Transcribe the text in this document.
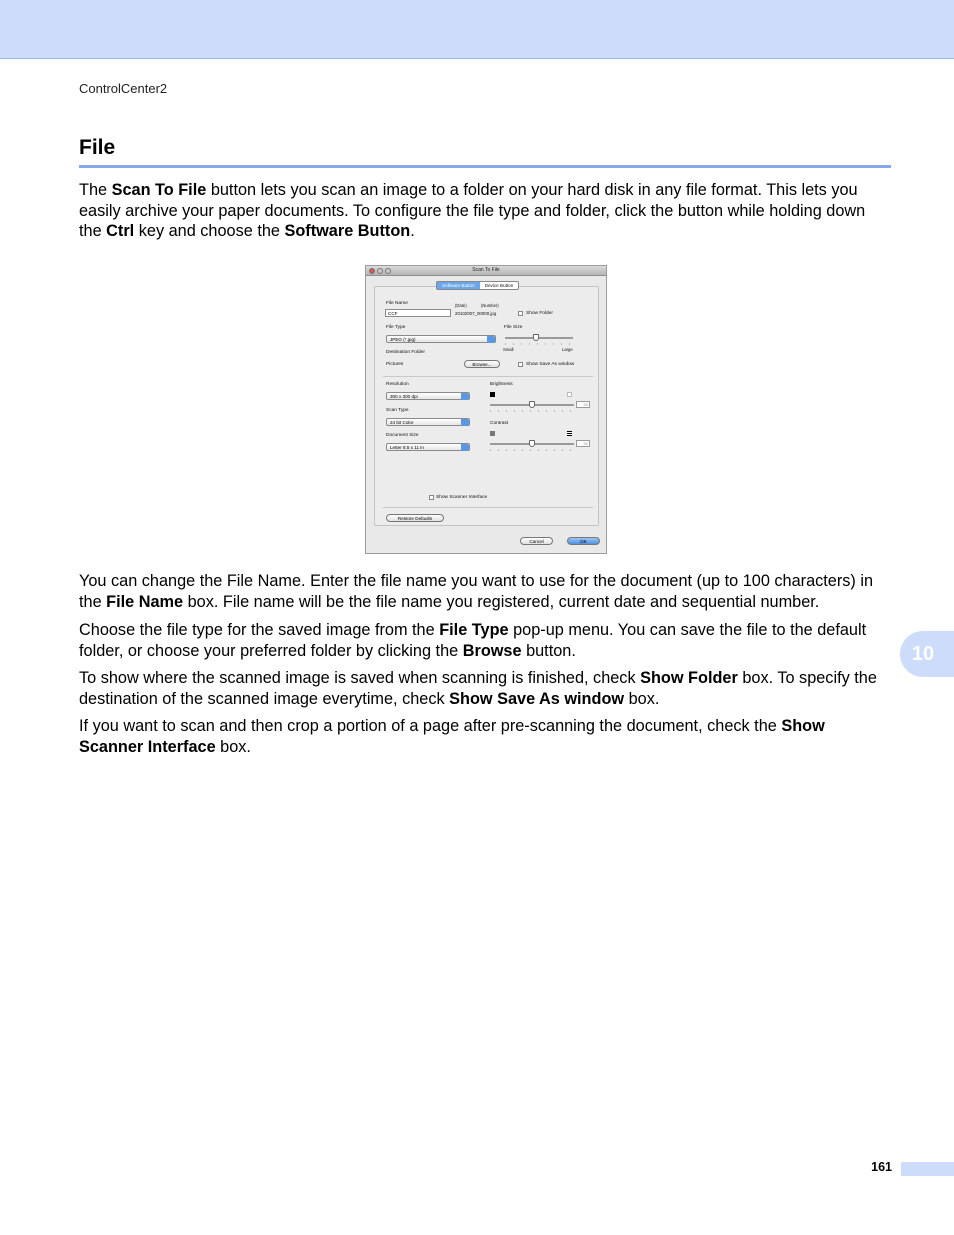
ControlCenter2
File

The Scan To File button lets you scan an image to a folder on your hard disk in any file format. This lets you easily archive your paper documents. To configure the file type and folder, click the button while holding down the Ctrl key and choose the Software Button.

Scan To File
Software Button	Device Button
File Name	(Date)	(Number)
CCF	20102007_00000.jpg	Show Folder
File Type
JPEG (*.jpg)
File Size
Small	Large
Destination Folder
Pictures	Browse...	Show Save As window
Resolution
300 x 300 dpi
Brightness
50
Scan Type
24 bit Color	Contrast
50
Document Size
Letter 8.5 x 11 in
Show Scanner Interface
Restore Defaults
Cancel	OK

You can change the File Name. Enter the file name you want to use for the document (up to 100 characters) in the File Name box. File name will be the file name you registered, current date and sequential number.

Choose the file type for the saved image from the File Type pop-up menu. You can save the file to the default folder, or choose your preferred folder by clicking the Browse button.

To show where the scanned image is saved when scanning is finished, check Show Folder box. To specify the destination of the scanned image everytime, check Show Save As window box.

If you want to scan and then crop a portion of a page after pre-scanning the document, check the Show Scanner Interface box.

10
161
